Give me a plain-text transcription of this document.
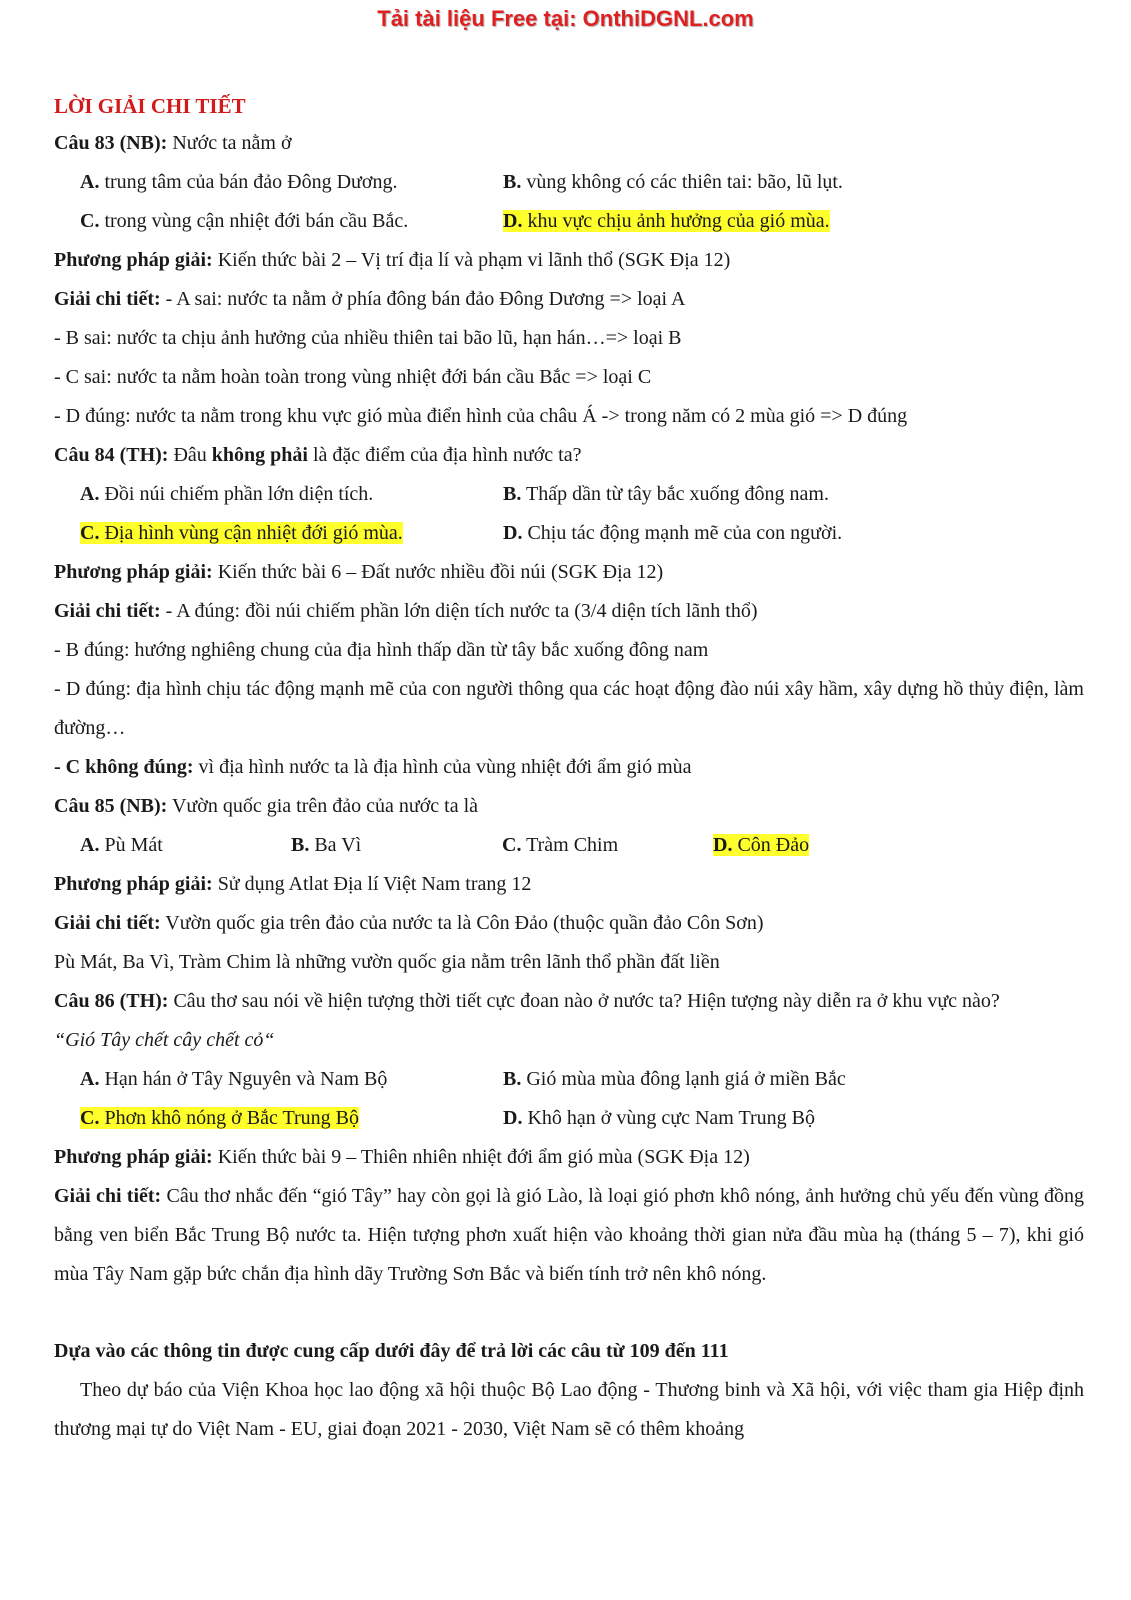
Tải tài liệu Free tại: OnthiDGNL.com
LỜI GIẢI CHI TIẾT
Câu 83 (NB): Nước ta nằm ở
A. trung tâm của bán đảo Đông Dương.	B. vùng không có các thiên tai: bão, lũ lụt.
C. trong vùng cận nhiệt đới bán cầu Bắc.	D. khu vực chịu ảnh hưởng của gió mùa.
Phương pháp giải: Kiến thức bài 2 – Vị trí địa lí và phạm vi lãnh thổ (SGK Địa 12)
Giải chi tiết: - A sai: nước ta nằm ở phía đông bán đảo Đông Dương => loại A
- B sai: nước ta chịu ảnh hưởng của nhiều thiên tai bão lũ, hạn hán…=> loại B
- C sai: nước ta nằm hoàn toàn trong vùng nhiệt đới bán cầu Bắc => loại C
- D đúng: nước ta nằm trong khu vực gió mùa điển hình của châu Á -> trong năm có 2 mùa gió => D đúng
Câu 84 (TH): Đâu không phải là đặc điểm của địa hình nước ta?
A. Đồi núi chiếm phần lớn diện tích.	B. Thấp dần từ tây bắc xuống đông nam.
C. Địa hình vùng cận nhiệt đới gió mùa.	D. Chịu tác động mạnh mẽ của con người.
Phương pháp giải: Kiến thức bài 6 – Đất nước nhiều đồi núi (SGK Địa 12)
Giải chi tiết: - A đúng: đồi núi chiếm phần lớn diện tích nước ta (3/4 diện tích lãnh thổ)
- B đúng: hướng nghiêng chung của địa hình thấp dần từ tây bắc xuống đông nam
- D đúng: địa hình chịu tác động mạnh mẽ của con người thông qua các hoạt động đào núi xây hầm, xây dựng hồ thủy điện, làm đường…
- C không đúng: vì địa hình nước ta là địa hình của vùng nhiệt đới ẩm gió mùa
Câu 85 (NB): Vườn quốc gia trên đảo của nước ta là
A. Pù Mát	B. Ba Vì	C. Tràm Chim	D. Côn Đảo
Phương pháp giải: Sử dụng Atlat Địa lí Việt Nam trang 12
Giải chi tiết: Vườn quốc gia trên đảo của nước ta là Côn Đảo (thuộc quần đảo Côn Sơn)
Pù Mát, Ba Vì, Tràm Chim là những vườn quốc gia nằm trên lãnh thổ phần đất liền
Câu 86 (TH): Câu thơ sau nói về hiện tượng thời tiết cực đoan nào ở nước ta? Hiện tượng này diễn ra ở khu vực nào?
“Gió Tây chết cây chết cỏ“
A. Hạn hán ở Tây Nguyên và Nam Bộ	B. Gió mùa mùa đông lạnh giá ở miền Bắc
C. Phơn khô nóng ở Bắc Trung Bộ	D. Khô hạn ở vùng cực Nam Trung Bộ
Phương pháp giải: Kiến thức bài 9 – Thiên nhiên nhiệt đới ẩm gió mùa (SGK Địa 12)
Giải chi tiết: Câu thơ nhắc đến “gió Tây” hay còn gọi là gió Lào, là loại gió phơn khô nóng, ảnh hưởng chủ yếu đến vùng đồng bằng ven biển Bắc Trung Bộ nước ta. Hiện tượng phơn xuất hiện vào khoảng thời gian nửa đầu mùa hạ (tháng 5 – 7), khi gió mùa Tây Nam gặp bức chắn địa hình dãy Trường Sơn Bắc và biến tính trở nên khô nóng.
Dựa vào các thông tin được cung cấp dưới đây để trả lời các câu từ 109 đến 111
Theo dự báo của Viện Khoa học lao động xã hội thuộc Bộ Lao động - Thương binh và Xã hội, với việc tham gia Hiệp định thương mại tự do Việt Nam - EU, giai đoạn 2021 - 2030, Việt Nam sẽ có thêm khoảng
